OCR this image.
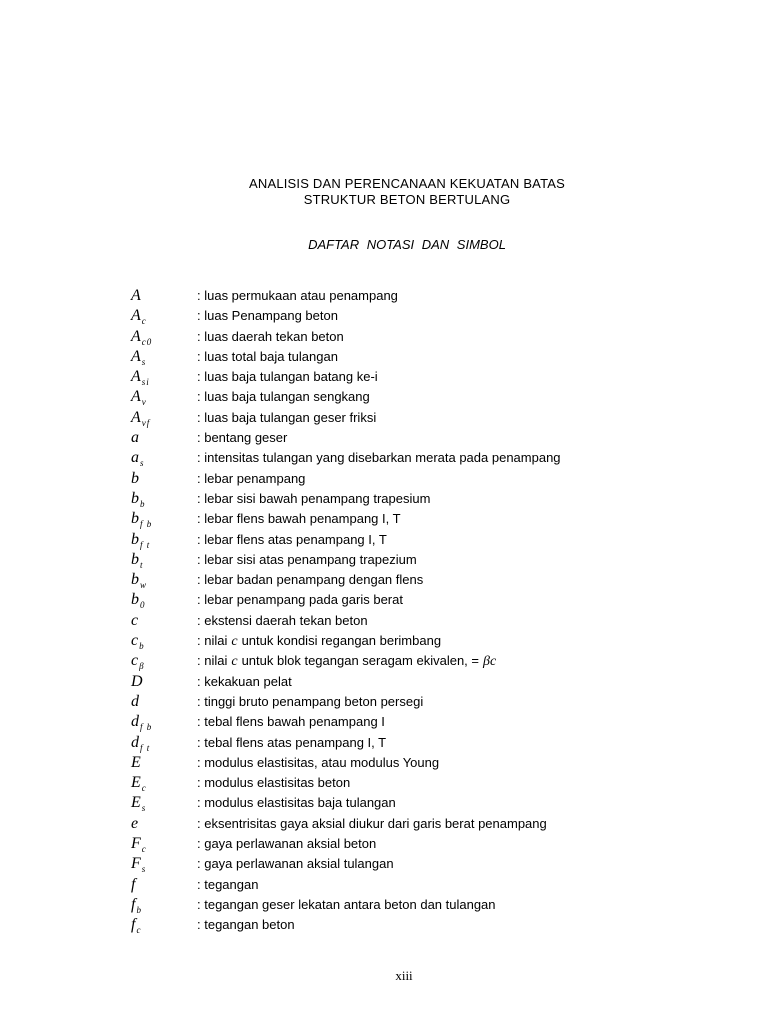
ANALISIS DAN PERENCANAAN KEKUATAN BATAS
STRUKTUR BETON BERTULANG
DAFTAR NOTASI DAN SIMBOL
A	: luas permukaan atau penampang
$A_c$	: luas Penampang beton
$A_{c0}$	: luas daerah tekan beton
$A_s$	: luas total baja tulangan
$A_{si}$	: luas baja tulangan batang ke-i
$A_v$	: luas baja tulangan sengkang
$A_{vf}$	: luas baja tulangan geser friksi
a	: bentang geser
$a_s$	: intensitas tulangan yang disebarkan merata pada penampang
b	: lebar penampang
$b_b$	: lebar sisi bawah penampang trapesium
$b_{f b}$	: lebar flens bawah penampang I, T
$b_{f t}$	: lebar flens atas penampang I, T
$b_t$	: lebar sisi atas penampang trapezium
$b_w$	: lebar badan penampang dengan flens
$b_0$	: lebar penampang pada garis berat
c	: ekstensi daerah tekan beton
$c_b$	: nilai c untuk kondisi regangan berimbang
$c_\beta$	: nilai c untuk blok tegangan seragam ekivalen, = βc
D	: kekakuan pelat
d	: tinggi bruto penampang beton persegi
$d_{f b}$	: tebal flens bawah penampang I
$d_{f t}$	: tebal flens atas penampang I, T
E	: modulus elastisitas, atau modulus Young
$E_c$	: modulus elastisitas beton
$E_s$	: modulus elastisitas baja tulangan
e	: eksentrisitas gaya aksial diukur dari garis berat penampang
$F_c$	: gaya perlawanan aksial beton
$F_s$	: gaya perlawanan aksial tulangan
f	: tegangan
$f_b$	: tegangan geser lekatan antara beton dan tulangan
$f_c$	: tegangan beton
xiii
